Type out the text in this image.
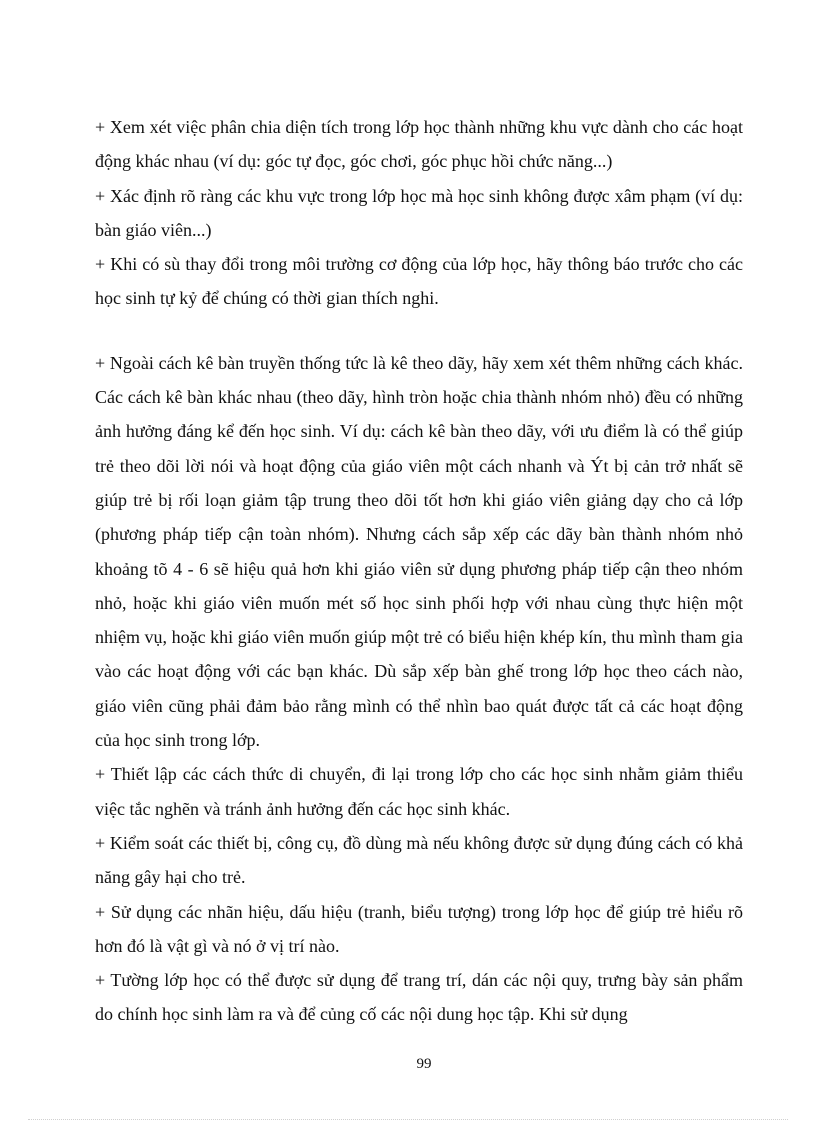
+ Xem xét việc phân chia diện tích trong lớp học thành những khu vực dành cho các hoạt động khác nhau (ví dụ: góc tự đọc, góc chơi, góc phục hồi chức năng...)

+ Xác định rõ ràng các khu vực trong lớp học mà học sinh không được xâm phạm (ví dụ: bàn giáo viên...)

+ Khi có sù thay đổi trong môi trường cơ động của lớp học, hãy thông báo trước cho các học sinh tự kỷ để chúng có thời gian thích nghi.

+ Ngoài cách kê bàn truyền thống tức là kê theo dãy, hãy xem xét thêm những cách khác. Các cách kê bàn khác nhau (theo dãy, hình tròn hoặc chia thành nhóm nhỏ) đều có những ảnh hưởng đáng kể đến học sinh. Ví dụ: cách kê bàn theo dãy, với ưu điểm là có thể giúp trẻ theo dõi lời nói và hoạt động của giáo viên một cách nhanh và Ýt bị cản trở nhất sẽ giúp trẻ bị rối loạn giảm tập trung theo dõi tốt hơn khi giáo viên giảng dạy cho cả lớp (phương pháp tiếp cận toàn nhóm). Nhưng cách sắp xếp các dãy bàn thành nhóm nhỏ khoảng tõ 4 - 6 sẽ hiệu quả hơn khi giáo viên sử dụng phương pháp tiếp cận theo nhóm nhỏ, hoặc khi giáo viên muốn mét số học sinh phối hợp với nhau cùng thực hiện một nhiệm vụ, hoặc khi giáo viên muốn giúp một trẻ có biểu hiện khép kín, thu mình tham gia vào các hoạt động với các bạn khác. Dù sắp xếp bàn ghế trong lớp học theo cách nào, giáo viên cũng phải đảm bảo rằng mình có thể nhìn bao quát được tất cả các hoạt động của học sinh trong lớp.

+ Thiết lập các cách thức di chuyển, đi lại trong lớp cho các học sinh nhằm giảm thiểu việc tắc nghẽn và tránh ảnh hưởng đến các học sinh khác.

+ Kiểm soát các thiết bị, công cụ, đồ dùng mà nếu không được sử dụng đúng cách có khả năng gây hại cho trẻ.

+ Sử dụng các nhãn hiệu, dấu hiệu (tranh, biểu tượng) trong lớp học để giúp trẻ hiểu rõ hơn đó là vật gì và nó ở vị trí nào.

+ Tường lớp học có thể được sử dụng để trang trí, dán các nội quy, trưng bày sản phẩm do chính học sinh làm ra và để củng cố các nội dung học tập. Khi sử dụng

99
